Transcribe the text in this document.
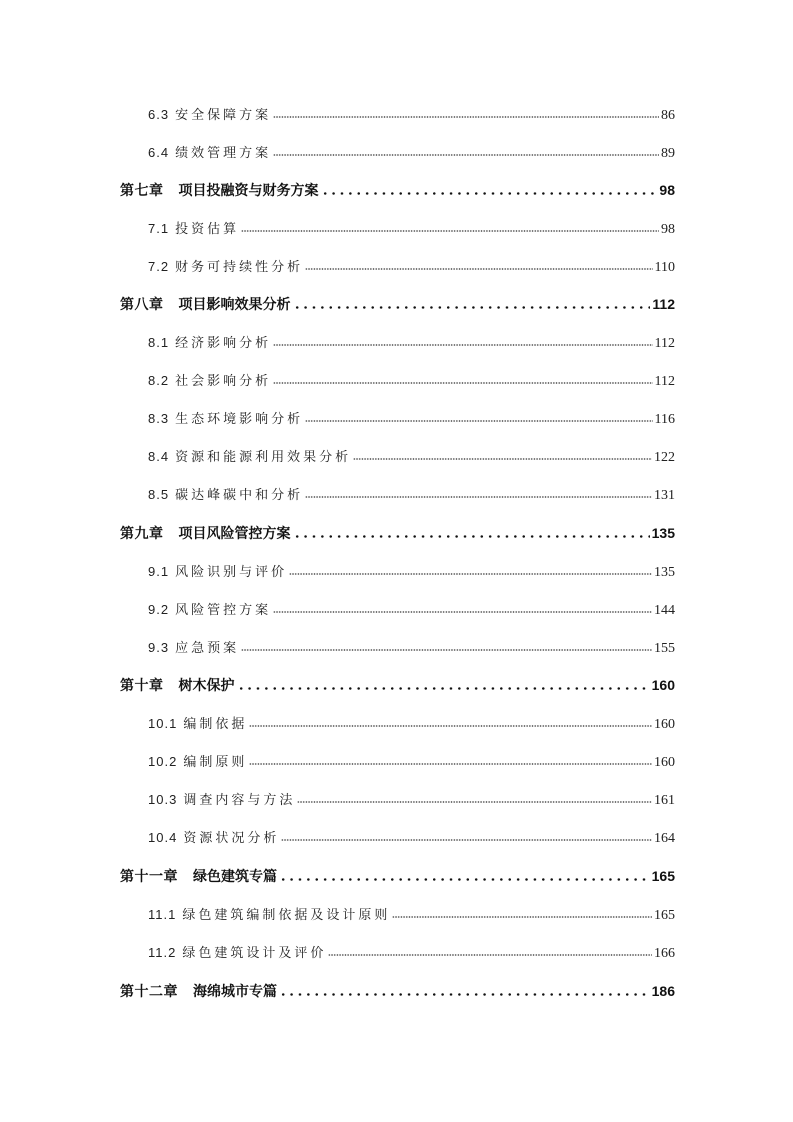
6.3 安全保障方案	86
6.4 绩效管理方案	89
第七章 项目投融资与财务方案	98
7.1 投资估算	98
7.2 财务可持续性分析	110
第八章 项目影响效果分析	112
8.1 经济影响分析	112
8.2 社会影响分析	112
8.3 生态环境影响分析	116
8.4 资源和能源利用效果分析	122
8.5 碳达峰碳中和分析	131
第九章 项目风险管控方案	135
9.1 风险识别与评价	135
9.2 风险管控方案	144
9.3 应急预案	155
第十章 树木保护	160
10.1 编制依据	160
10.2 编制原则	160
10.3 调查内容与方法	161
10.4 资源状况分析	164
第十一章 绿色建筑专篇	165
11.1 绿色建筑编制依据及设计原则	165
11.2 绿色建筑设计及评价	166
第十二章 海绵城市专篇	186
